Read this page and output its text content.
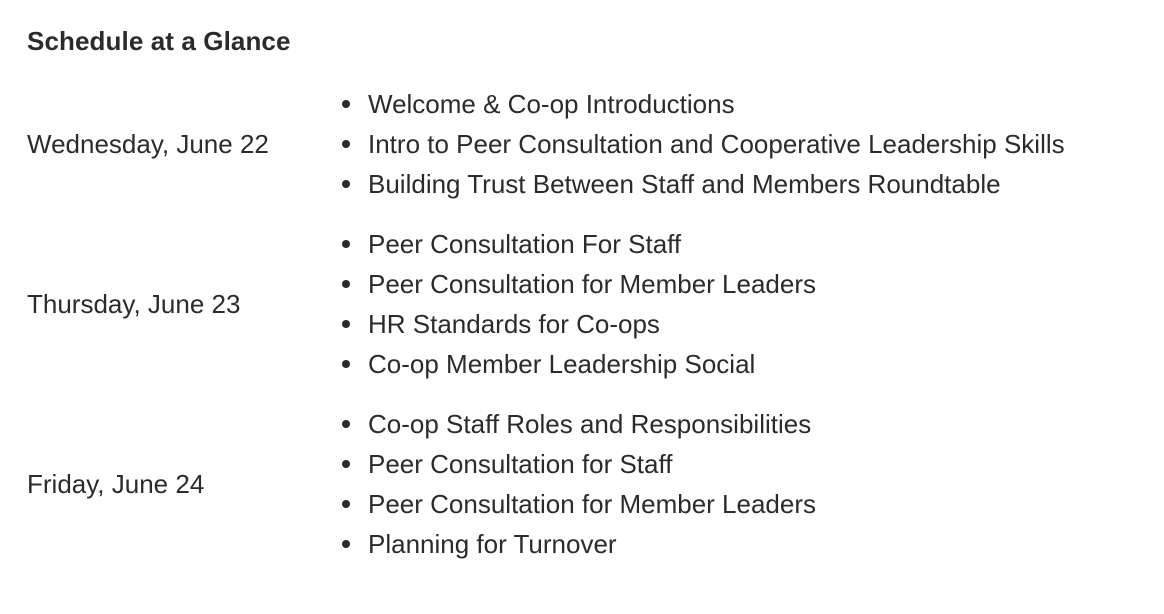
Schedule at a Glance
Wednesday, June 22
Welcome & Co-op Introductions
Intro to Peer Consultation and Cooperative Leadership Skills
Building Trust Between Staff and Members Roundtable
Thursday, June 23
Peer Consultation For Staff
Peer Consultation for Member Leaders
HR Standards for Co-ops
Co-op Member Leadership Social
Friday, June 24
Co-op Staff Roles and Responsibilities
Peer Consultation for Staff
Peer Consultation for Member Leaders
Planning for Turnover
